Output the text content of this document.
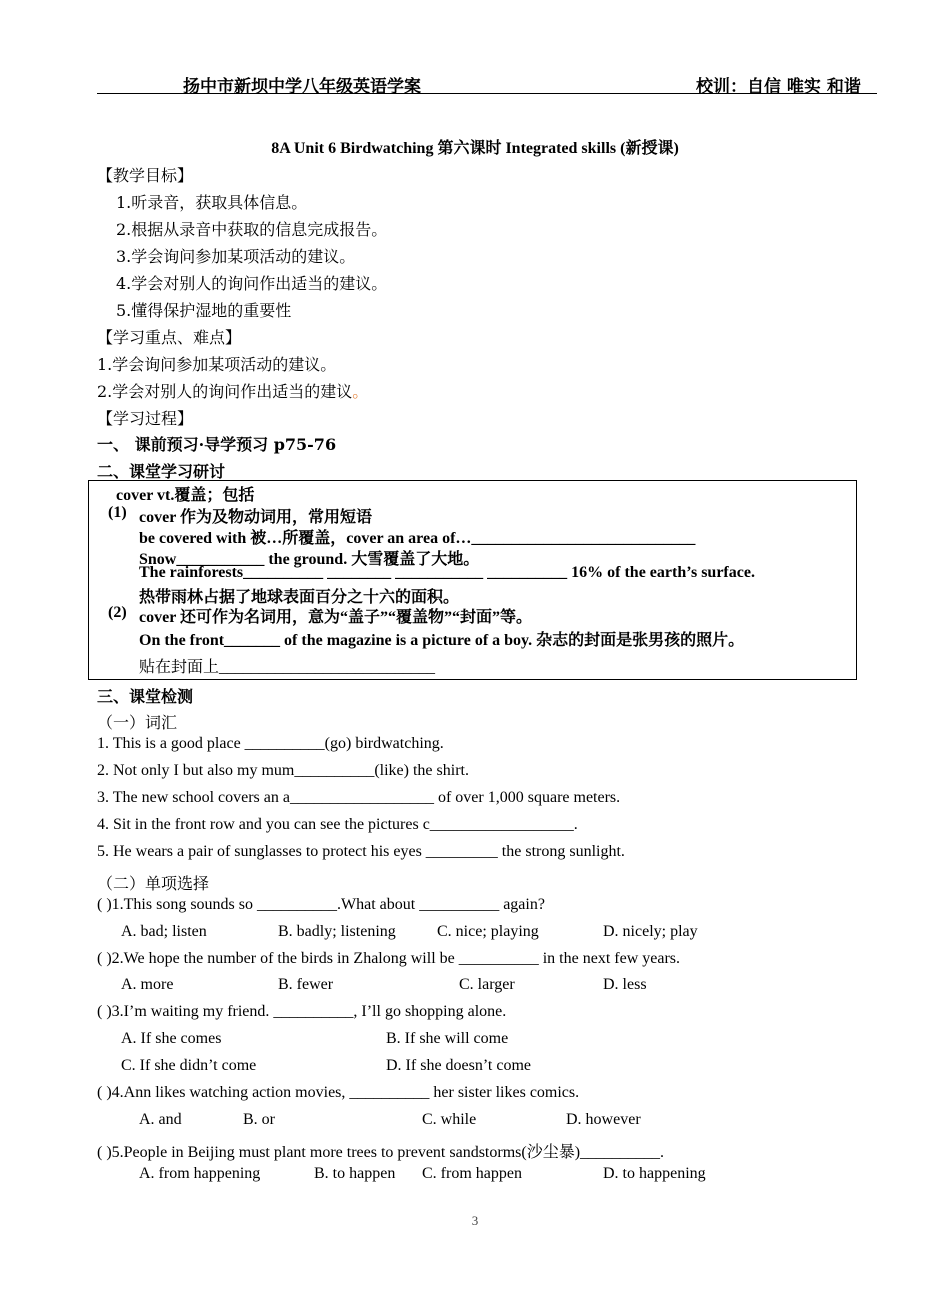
扬中市新坝中学八年级英语学案	校训：自信 唯实 和谐
8A Unit 6 Birdwatching 第六课时 Integrated skills (新授课)
【教学目标】
1.听录音，获取具体信息。
2.根据从录音中获取的信息完成报告。
3.学会询问参加某项活动的建议。
4.学会对别人的询问作出适当的建议。
5.懂得保护湿地的重要性
【学习重点、难点】
1.学会询问参加某项活动的建议。
2.学会对别人的询问作出适当的建议。
【学习过程】
一、 课前预习·导学预习 p75-76
二、课堂学习研讨
cover vt.覆盖；包括
(1) cover 作为及物动词用，常用短语
be covered with 被…所覆盖，cover an area of…____________________________
Snow___________ the ground. 大雪覆盖了大地。
The rainforests__________ ________ ___________ __________ 16% of the earth’s surface.
热带雨林占据了地球表面百分之十六的面积。
(2) cover 还可作为名词用，意为“盖子”“覆盖物”“封面”等。
On the front_______ of the magazine is a picture of a boy. 杂志的封面是张男孩的照片。
贴在封面上___________________________
三、课堂检测
（一）词汇
1. This is a good place __________(go) birdwatching.
2. Not only I but also my mum__________(like) the shirt.
3. The new school covers an a__________________ of over 1,000 square meters.
4. Sit in the front row and you can see the pictures c__________________.
5. He wears a pair of sunglasses to protect his eyes _________ the strong sunlight.
（二）单项选择
( )1.This song sounds so __________.What about __________ again?
A. bad; listen	B. badly; listening	C. nice; playing	D. nicely; play
( )2.We hope the number of the birds in Zhalong will be __________ in the next few years.
A. more	B. fewer	C. larger	D. less
( )3.I’m waiting my friend. __________, I’ll go shopping alone.
A. If she comes	B. If she will come
C. If she didn’t come	D. If she doesn’t come
( )4.Ann likes watching action movies, __________ her sister likes comics.
A. and	B. or	C. while	D. however
( )5.People in Beijing must plant more trees to prevent sandstorms(沙尘暴)__________.
A. from happening	B. to happen C. from happen	D. to happening
3
